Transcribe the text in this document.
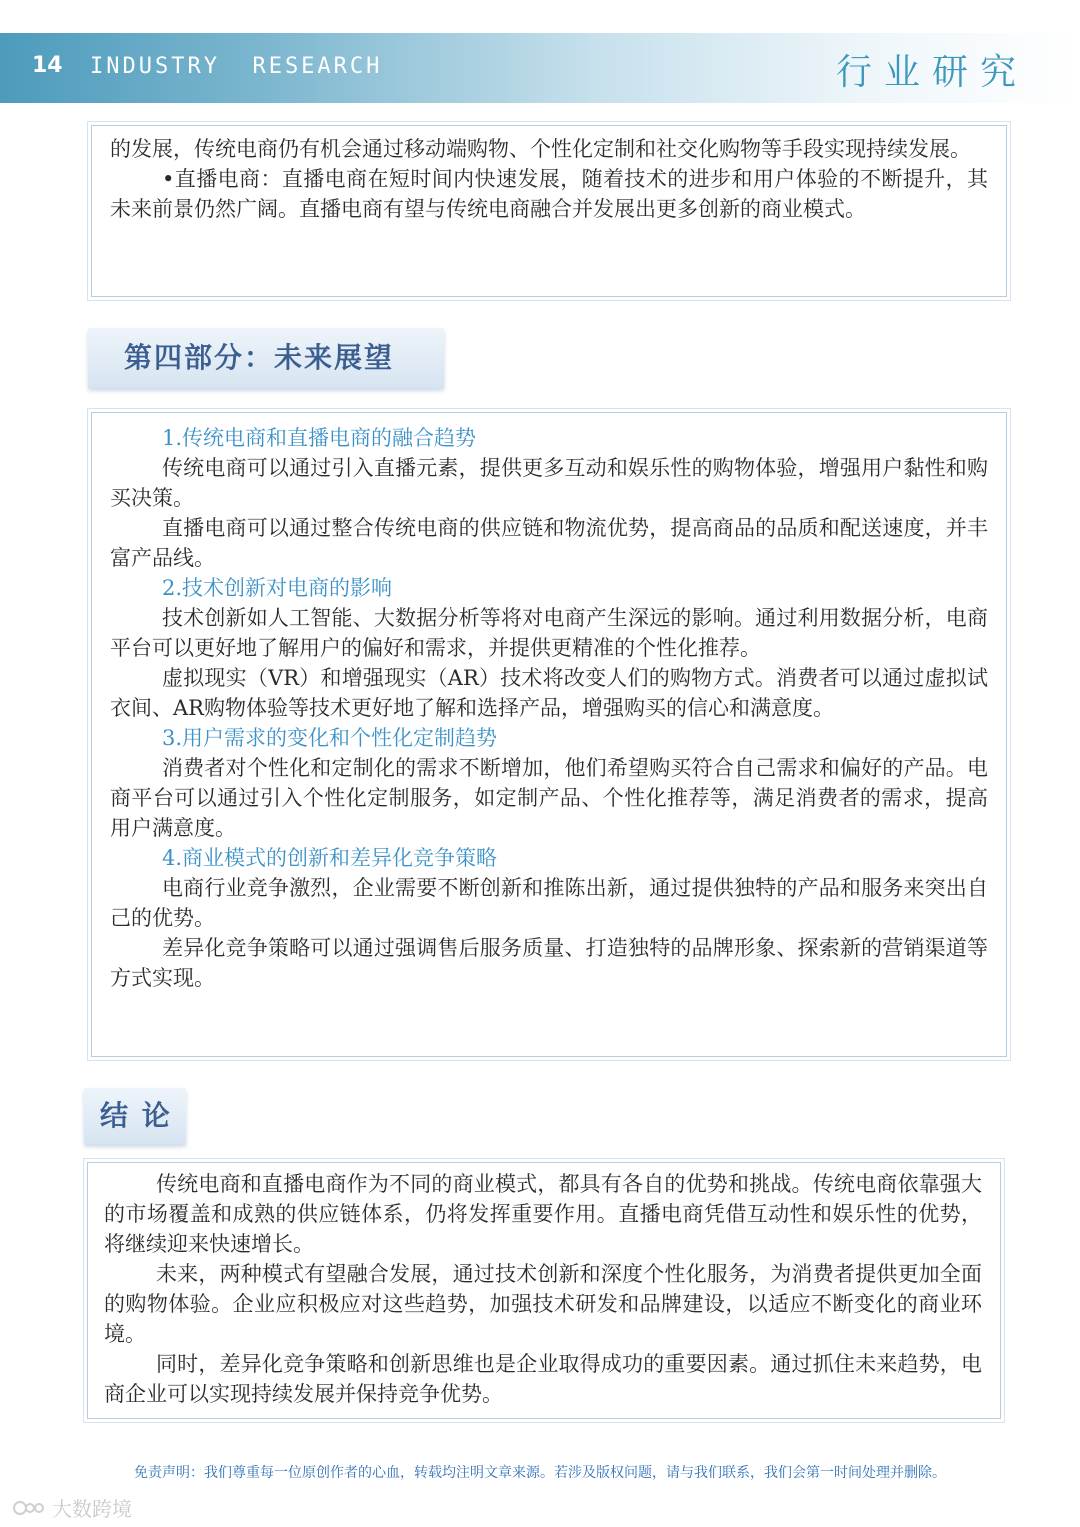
14 INDUSTRY  RESEARCH	行业研究

的发展，传统电商仍有机会通过移动端购物、个性化定制和社交化购物等手段实现持续发展。

•直播电商：直播电商在短时间内快速发展，随着技术的进步和用户体验的不断提升，其未来前景仍然广阔。直播电商有望与传统电商融合并发展出更多创新的商业模式。

第四部分：未来展望

1.传统电商和直播电商的融合趋势

传统电商可以通过引入直播元素，提供更多互动和娱乐性的购物体验，增强用户黏性和购买决策。

直播电商可以通过整合传统电商的供应链和物流优势，提高商品的品质和配送速度，并丰富产品线。

2.技术创新对电商的影响

技术创新如人工智能、大数据分析等将对电商产生深远的影响。通过利用数据分析，电商平台可以更好地了解用户的偏好和需求，并提供更精准的个性化推荐。

虚拟现实（VR）和增强现实（AR）技术将改变人们的购物方式。消费者可以通过虚拟试衣间、AR购物体验等技术更好地了解和选择产品，增强购买的信心和满意度。

3.用户需求的变化和个性化定制趋势

消费者对个性化和定制化的需求不断增加，他们希望购买符合自己需求和偏好的产品。电商平台可以通过引入个性化定制服务，如定制产品、个性化推荐等，满足消费者的需求，提高用户满意度。

4.商业模式的创新和差异化竞争策略

电商行业竞争激烈，企业需要不断创新和推陈出新，通过提供独特的产品和服务来突出自己的优势。

差异化竞争策略可以通过强调售后服务质量、打造独特的品牌形象、探索新的营销渠道等方式实现。

结 论

传统电商和直播电商作为不同的商业模式，都具有各自的优势和挑战。传统电商依靠强大的市场覆盖和成熟的供应链体系，仍将发挥重要作用。直播电商凭借互动性和娱乐性的优势，将继续迎来快速增长。

未来，两种模式有望融合发展，通过技术创新和深度个性化服务，为消费者提供更加全面的购物体验。企业应积极应对这些趋势，加强技术研发和品牌建设，以适应不断变化的商业环境。

同时，差异化竞争策略和创新思维也是企业取得成功的重要因素。通过抓住未来趋势，电商企业可以实现持续发展并保持竞争优势。

免责声明：我们尊重每一位原创作者的心血，转载均注明文章来源。若涉及版权问题，请与我们联系，我们会第一时间处理并删除。
大数跨境
